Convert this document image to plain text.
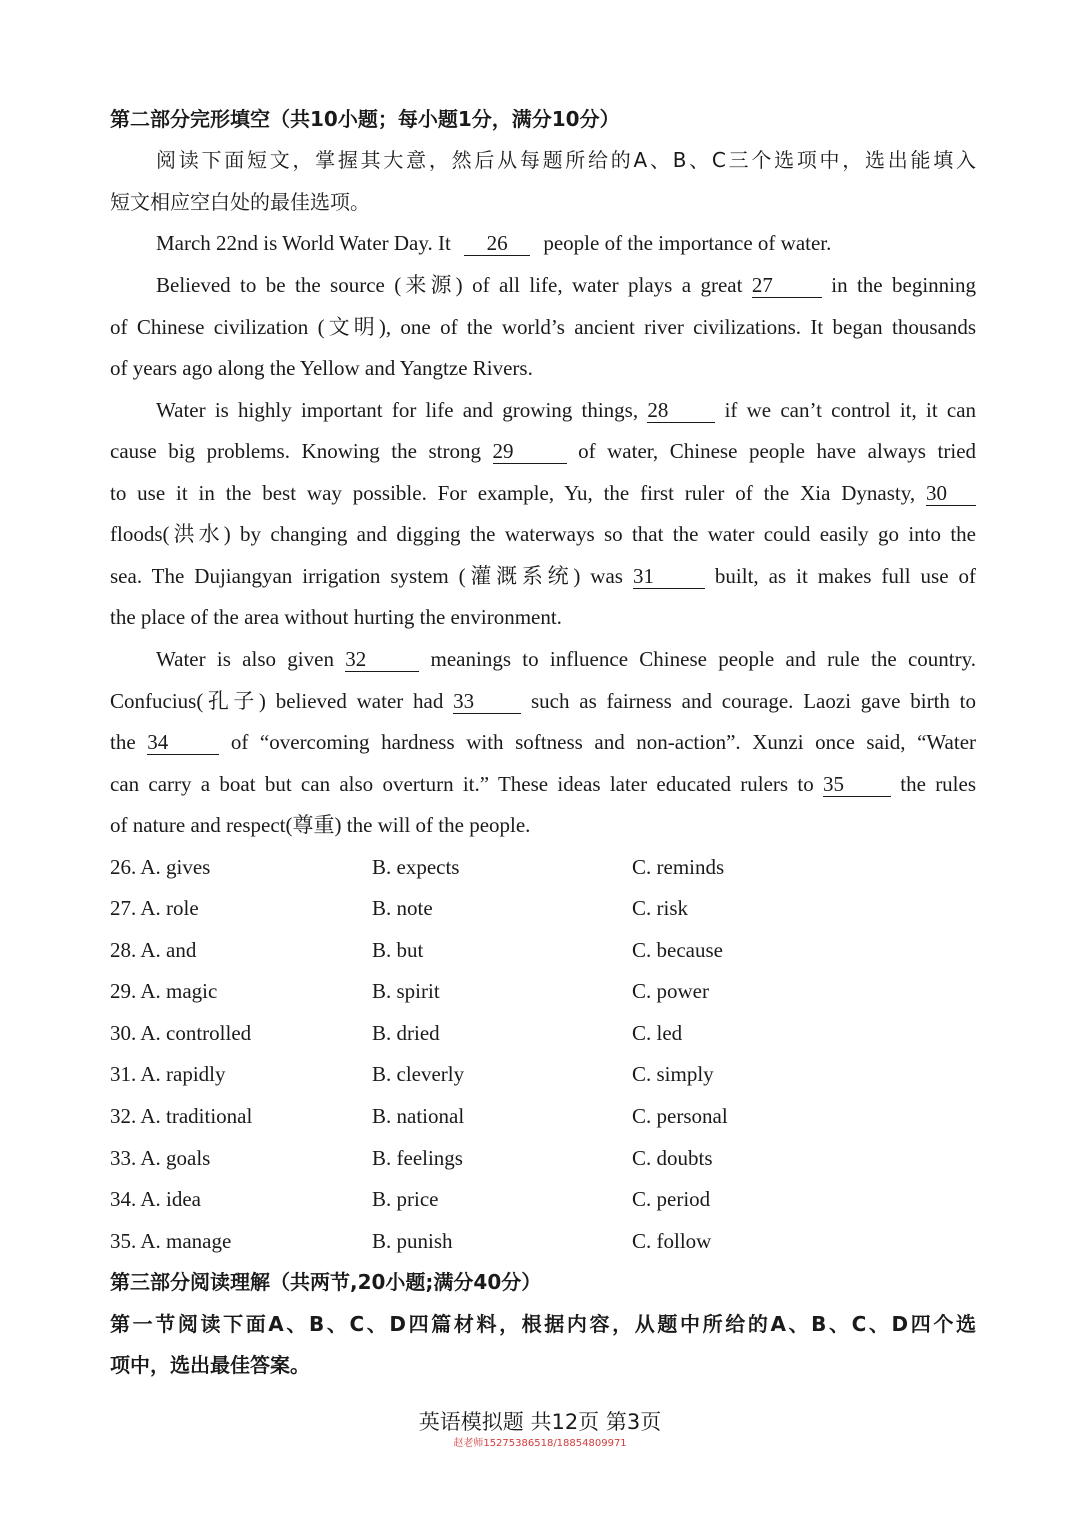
第二部分完形填空（共10小题；每小题1分，满分10分）
阅读下面短文，掌握其大意，然后从每题所给的A、B、C三个选项中，选出能填入
短文相应空白处的最佳选项。
March 22nd is World Water Day. It 26 people of the importance of water.
Believed to be the source (来源) of all life, water plays a great 27	in the beginning
of Chinese civilization (文明), one of the world’s ancient river civilizations. It began thousands
of years ago along the Yellow and Yangtze Rivers.
Water is highly important for life and growing things, 28	if we can’t control it, it can
cause big problems. Knowing the strong 29	of water, Chinese people have always tried
to use it in the best way possible. For example, Yu, the first ruler of the Xia Dynasty, 30
floods(洪水) by changing and digging the waterways so that the water could easily go into the
sea. The Dujiangyan irrigation system (灌溉系统) was 31	built, as it makes full use of
the place of the area without hurting the environment.
Water is also given 32	meanings to influence Chinese people and rule the country.
Confucius(孔子) believed water had 33	such as fairness and courage. Laozi gave birth to
the 34	of “overcoming hardness with softness and non-action”. Xunzi once said, “Water
can carry a boat but can also overturn it.” These ideas later educated rulers to 35	the rules
of nature and respect(尊重) the will of the people.
26. A. gives	B. expects	C. reminds
27. A. role	B. note	C. risk
28. A. and	B. but	C. because
29. A. magic	B. spirit	C. power
30. A. controlled	B. dried	C. led
31. A. rapidly	B. cleverly	C. simply
32. A. traditional	B. national	C. personal
33. A. goals	B. feelings	C. doubts
34. A. idea	B. price	C. period
35. A. manage	B. punish	C. follow
第三部分阅读理解（共两节,20小题;满分40分）
第一节阅读下面A、B、C、D四篇材料，根据内容，从题中所给的A、B、C、D四个选
项中，选出最佳答案。
英语模拟题 共12页 第3页
赵老师15275386518/18854809971
